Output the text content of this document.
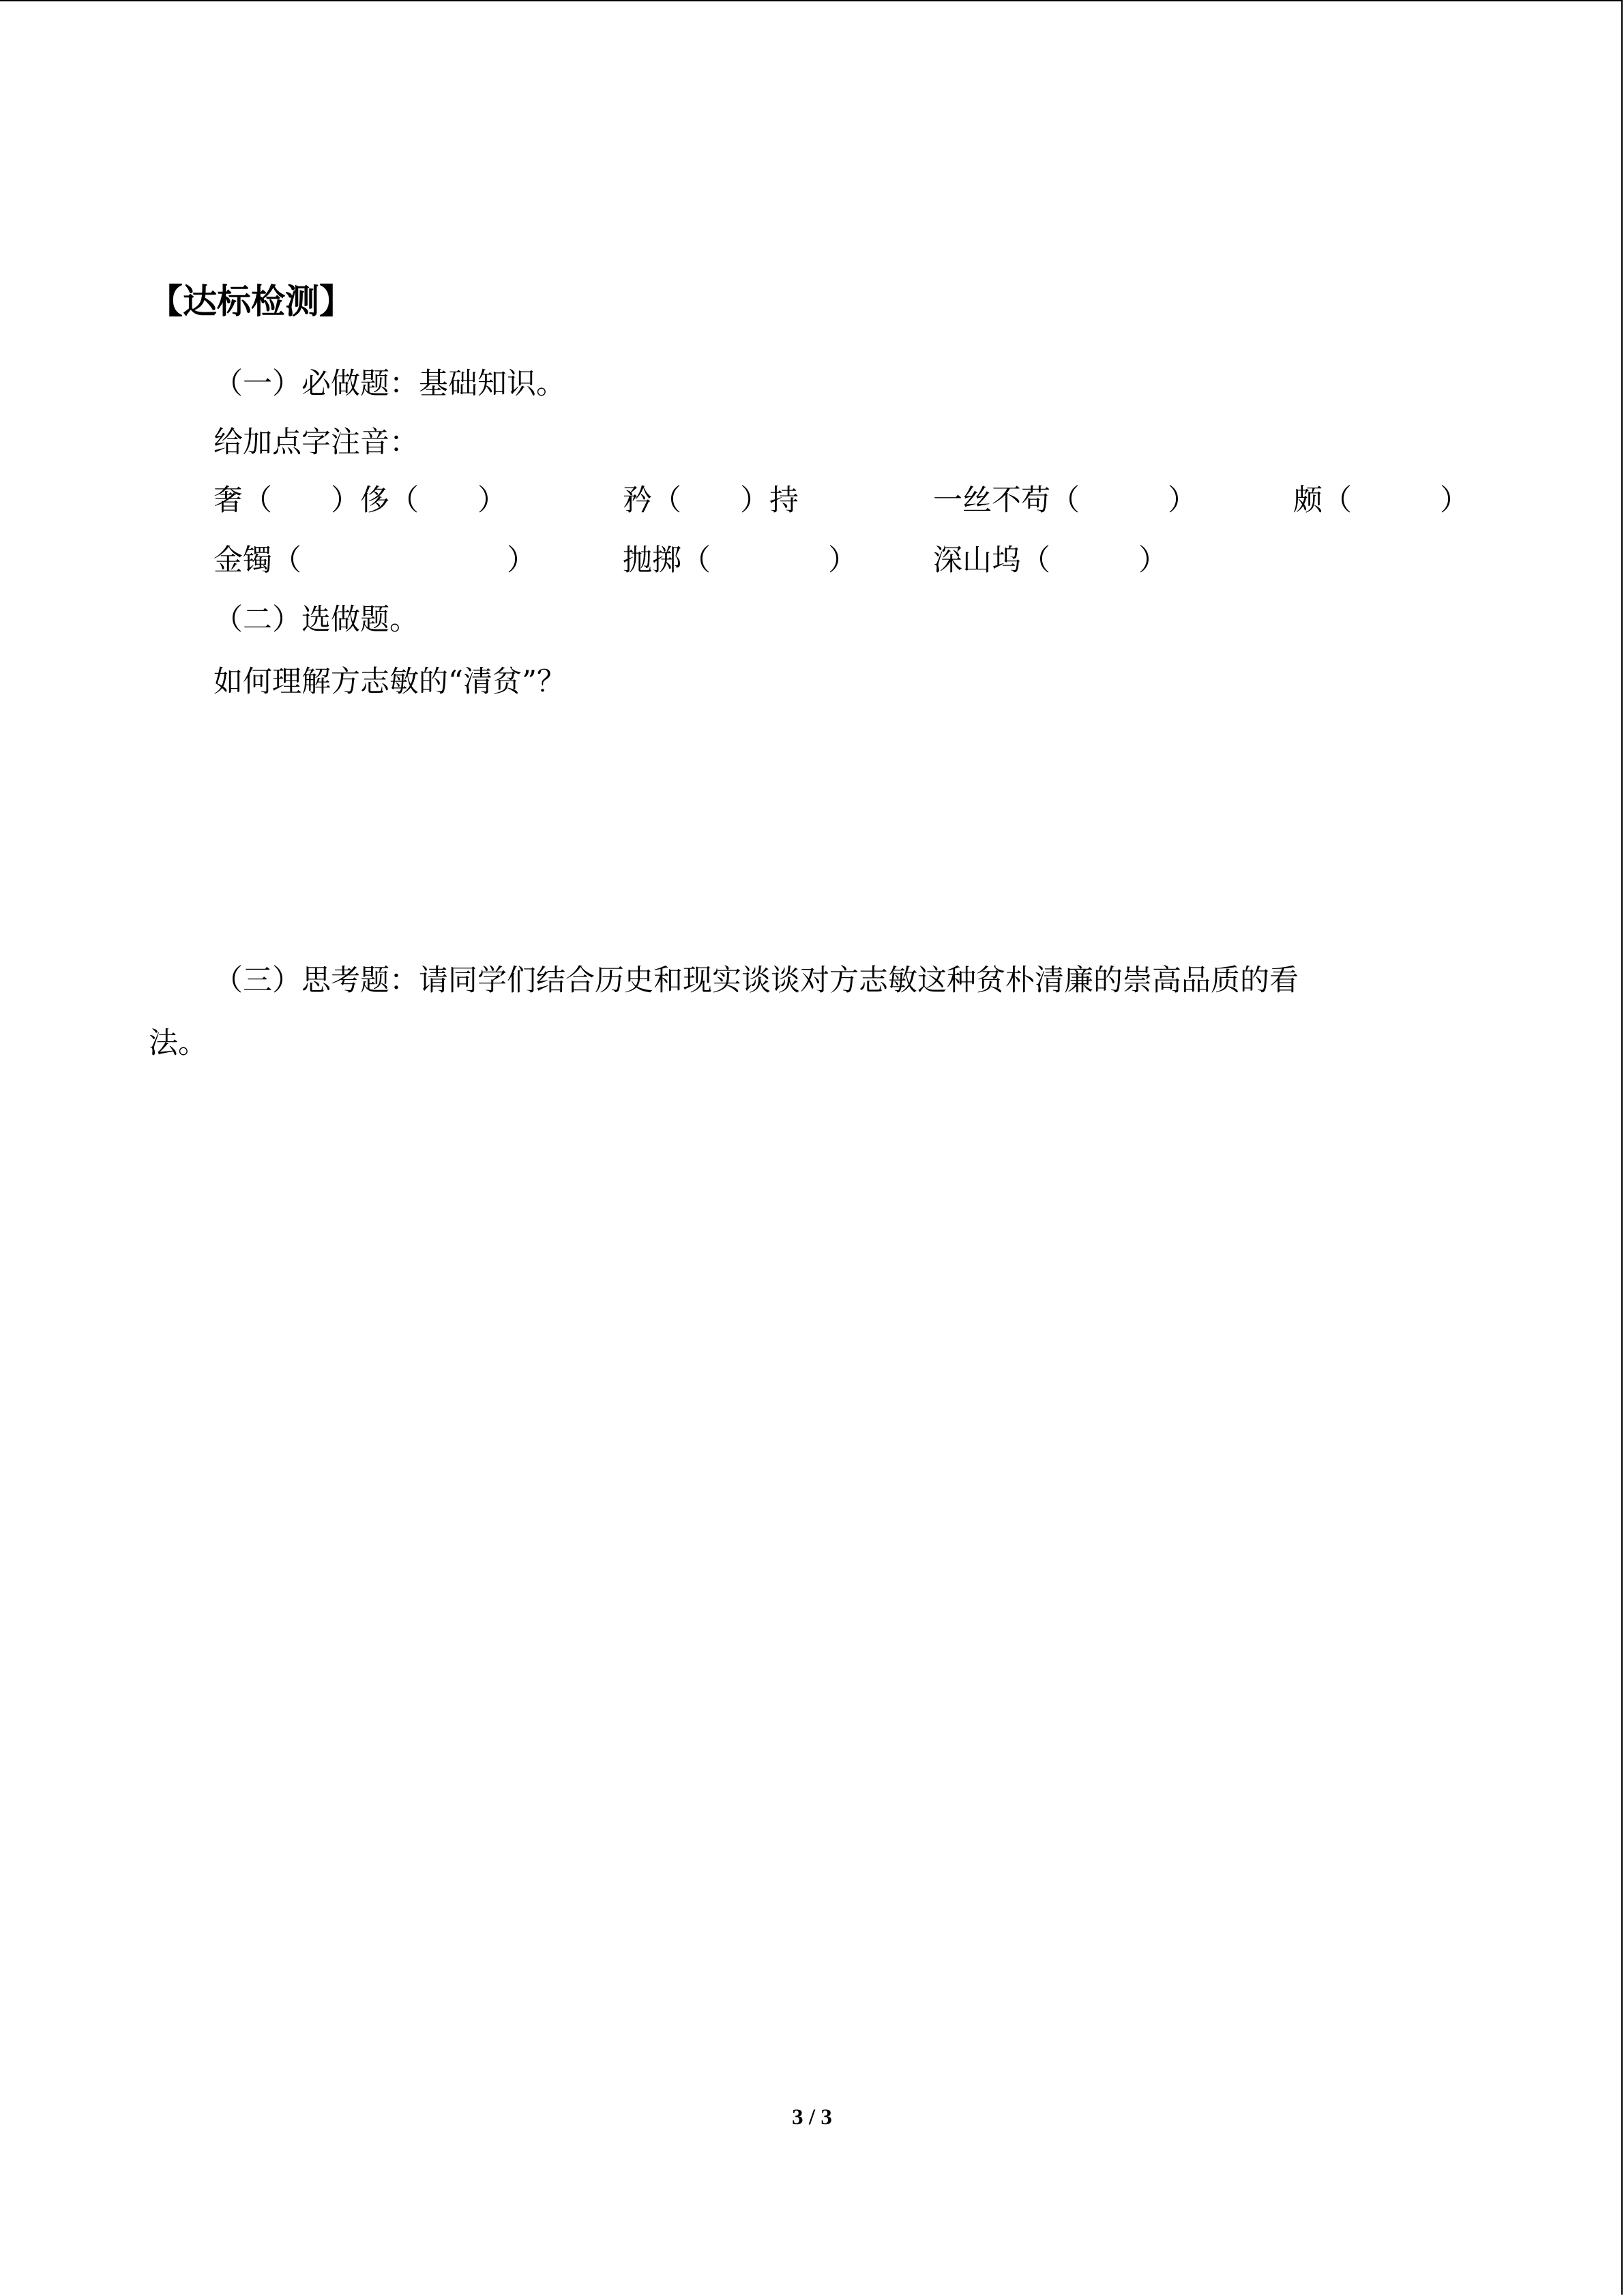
【达标检测】
（一）必做题：基础知识。
给加点字注音：
奢（　　）侈（　　）	矜（　　）持	一丝不苟（　　　）	颇（　　　）
金镯（　　　　　　　）	抛掷（　　　　）	深山坞（　　　）
（二）选做题。
如何理解方志敏的“清贫”？
（三）思考题：请同学们结合历史和现实谈谈对方志敏这种贫朴清廉的崇高品质的看
法。
3 / 3
